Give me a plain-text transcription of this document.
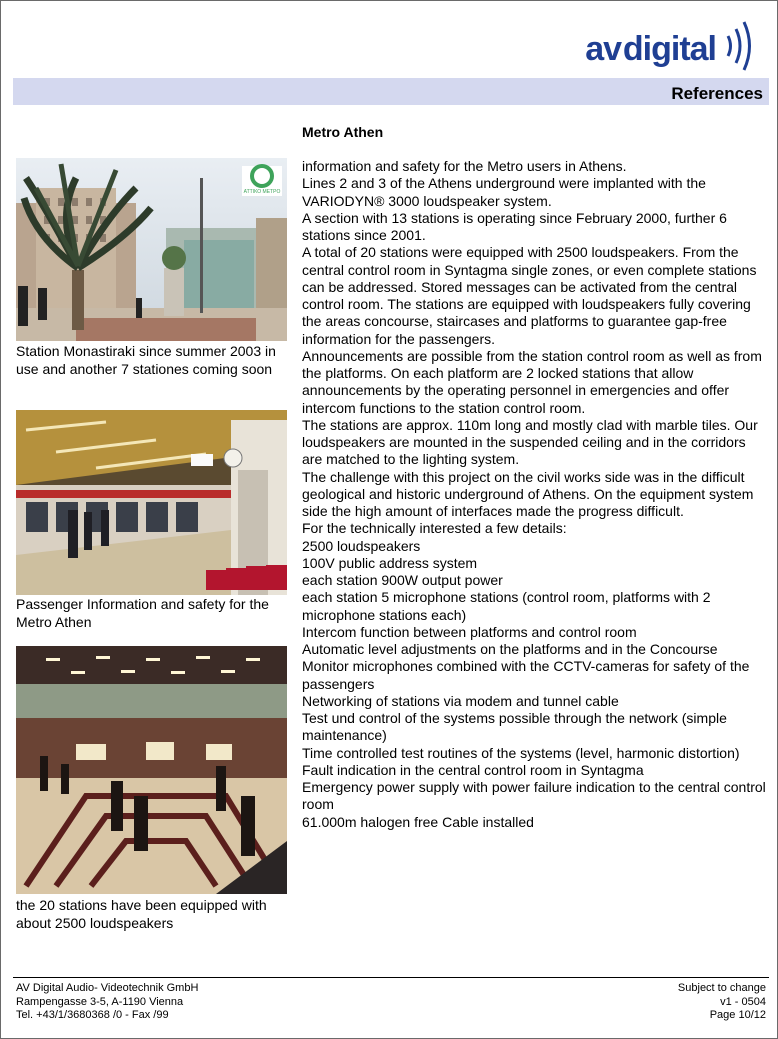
av digital
References
Metro Athen
ΑΤΤΙΚΟ ΜΕΤΡΟ
Station Monastiraki since summer 2003 in use and another 7 stationes coming soon
Passenger Information and safety for the Metro Athen
the 20 stations have been equipped with about 2500 loudspeakers

information and safety for the Metro users in Athens.

Lines 2 and 3 of the Athens underground were implanted with the VARIODYN® 3000 loudspeaker system.

A section with 13 stations is operating since February 2000, further 6 stations since 2001.

A total of 20 stations were equipped with 2500 loudspeakers. From the central control room in Syntagma single zones, or even complete stations can be addressed. Stored messages can be activated from the central control room. The stations are equipped with loudspeakers fully covering the areas concourse, staircases and platforms to guarantee gap-free information for the passengers.

Announcements are possible from the station control room as well as from the platforms. On each platform are 2 locked stations that allow announcements by the operating personnel in emergencies and offer intercom functions to the station control room.

The stations are approx. 110m long and mostly clad with marble tiles. Our loudspeakers are mounted in the suspended ceiling and in the corridors are matched to the lighting system.

The challenge with this project on the civil works side was in the difficult geological and historic underground of Athens. On the equipment system side the high amount of interfaces made the progress difficult.

For the technically interested a few details:

2500 loudspeakers

100V public address system

each station 900W output power

each station 5 microphone stations (control room, platforms with 2 microphone stations each)

Intercom function between platforms and control room

Automatic level adjustments on the platforms and in the Concourse

Monitor microphones combined with the CCTV-cameras for safety of the passengers

Networking of stations via modem and tunnel cable

Test und control of the systems possible through the network (simple maintenance)

Time controlled test routines of the systems (level, harmonic distortion)

Fault indication in the central control room in Syntagma

Emergency power supply with power failure indication to the central control room

61.000m halogen free Cable installed

AV Digital Audio- Videotechnik GmbH
Rampengasse 3-5, A-1190 Vienna
Tel. +43/1/3680368 /0 - Fax /99
Subject to change
v1 - 0504
Page 10/12
